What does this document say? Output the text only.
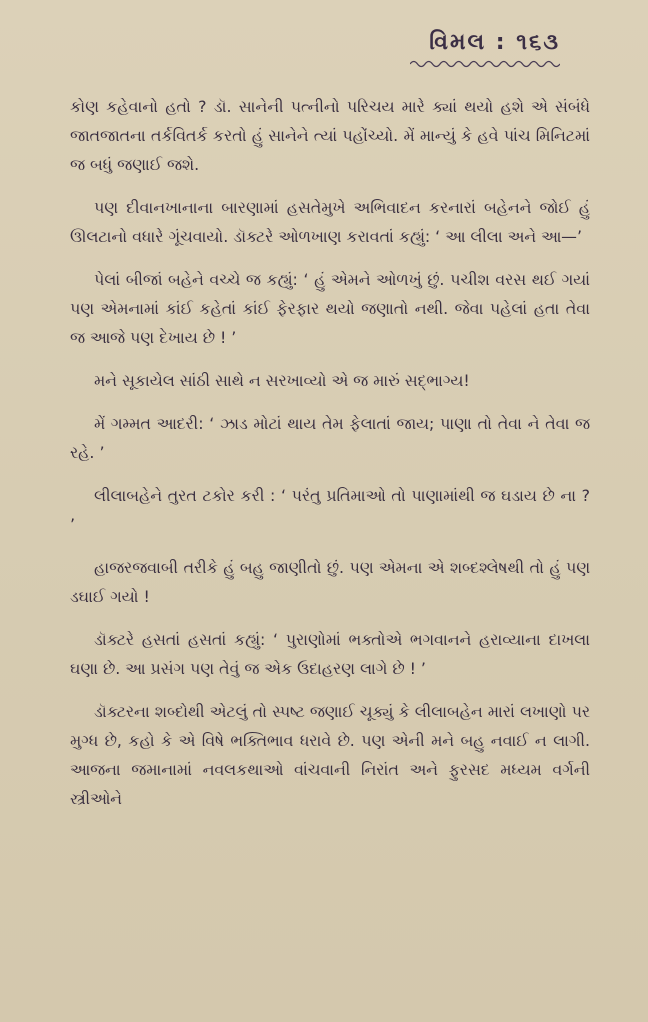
વિમલ : ૧૬૩

કોણ કહેવાનો હતો ? ડૉ. સાનેની પત્નીનો પરિચય મારે ક્યાં થયો હશે એ સંબંધે જાતજાતના તર્કવિતર્ક કરતો હું સાનેને ત્યાં પહોંચ્યો. મેં માન્યું કે હવે પાંચ મિનિટમાં જ બધું જણાઈ જશે.

પણ દીવાનખાનાના બારણામાં હસતેમુખે અભિવાદન કરનારાં બહેનને જોઈ હું ઊલટાનો વધારે ગૂંચવાયો. ડૉક્ટરે ઓળખાણ કરાવતાં કહ્યું: ‘ આ લીલા અને આ—’

પેલાં બીજાં બહેને વચ્ચે જ કહ્યું: ‘ હું એમને ઓળખું છું. પચીશ વરસ થઈ ગયાં પણ એમનામાં કાંઈ કહેતાં કાંઈ ફેરફાર થયો જણાતો નથી. જેવા પહેલાં હતા તેવા જ આજે પણ દેખાય છે ! ’

મને સૂકાયેલ સાંઠી સાથે ન સરખાવ્યો એ જ મારું સદ્ભાગ્ય!

મેં ગમ્મત આદરી: ‘ ઝાડ મોટાં થાય તેમ ફેલાતાં જાય; પાણા તો તેવા ને તેવા જ રહે. ’

લીલાબહેને તુરત ટકોર કરી : ‘ પરંતુ પ્રતિમાઓ તો પાણામાંથી જ ઘડાય છે ના ? ’

હાજરજવાબી તરીકે હું બહુ જાણીતો છું. પણ એમના એ શબ્દશ્લેષથી તો હું પણ ડઘાઈ ગયો !

ડૉક્ટરે હસતાં હસતાં કહ્યું: ‘ પુરાણોમાં ભક્તોએ ભગવાનને હરાવ્યાના દાખલા ઘણા છે. આ પ્રસંગ પણ તેવું જ એક ઉદાહરણ લાગે છે ! ’

ડૉક્ટરના શબ્દોથી એટલું તો સ્પષ્ટ જણાઈ ચૂક્યું કે લીલાબહેન મારાં લખાણો પર મુગ્ધ છે, કહો કે એ વિષે ભક્તિભાવ ધરાવે છે. પણ એની મને બહુ નવાઈ ન લાગી. આજના જમાનામાં નવલકથાઓ વાંચવાની નિરાંત અને ફુરસદ મધ્યમ વર્ગની સ્ત્રીઓને
